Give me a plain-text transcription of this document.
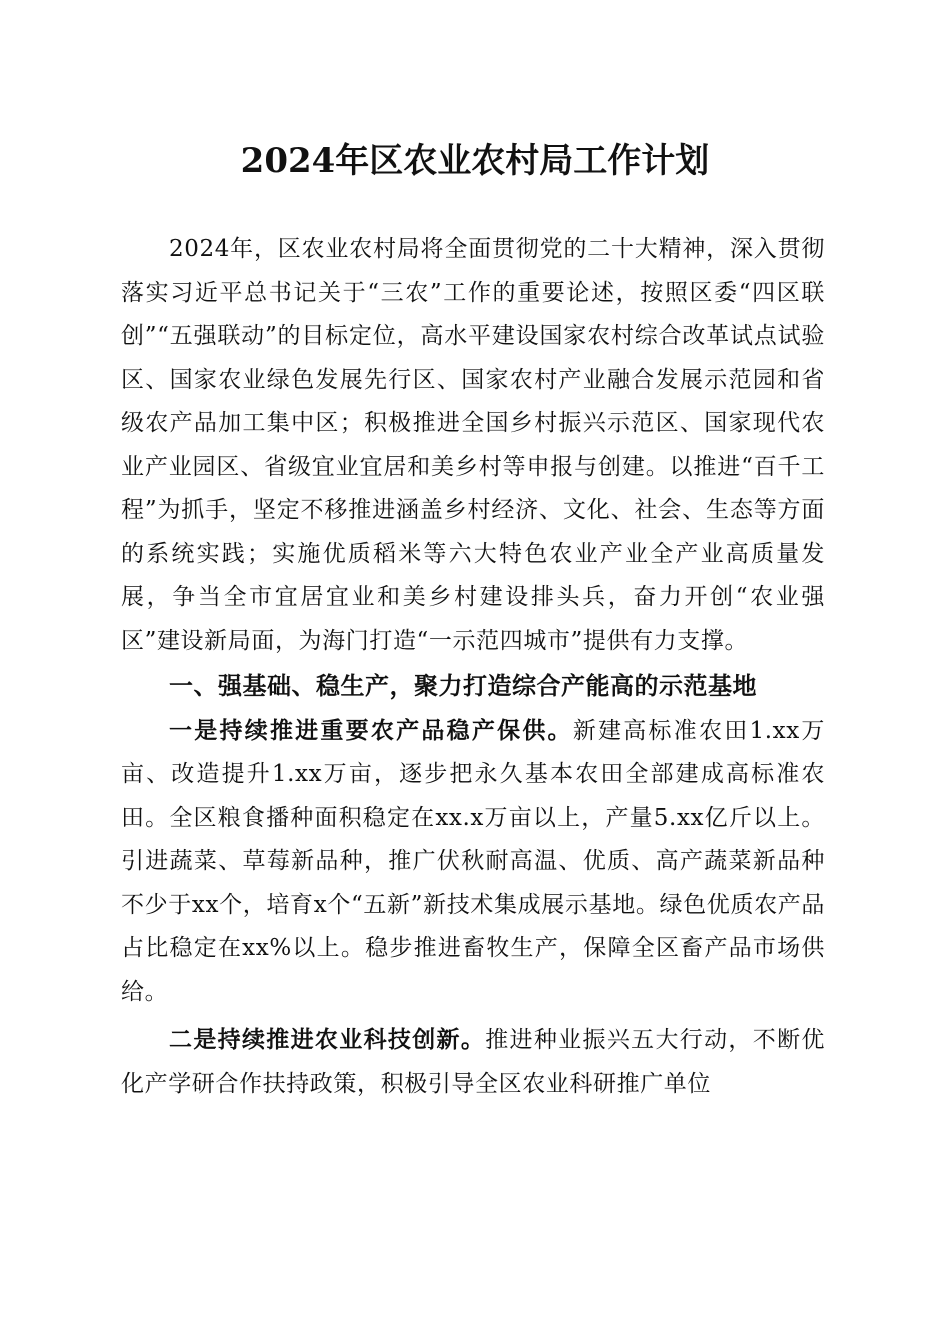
2024年区农业农村局工作计划

2024年，区农业农村局将全面贯彻党的二十大精神，深入贯彻落实习近平总书记关于“三农”工作的重要论述，按照区委“四区联创”“五强联动”的目标定位，高水平建设国家农村综合改革试点试验区、国家农业绿色发展先行区、国家农村产业融合发展示范园和省级农产品加工集中区；积极推进全国乡村振兴示范区、国家现代农业产业园区、省级宜业宜居和美乡村等申报与创建。以推进“百千工程”为抓手，坚定不移推进涵盖乡村经济、文化、社会、生态等方面的系统实践；实施优质稻米等六大特色农业产业全产业高质量发展，争当全市宜居宜业和美乡村建设排头兵，奋力开创“农业强区”建设新局面，为海门打造“一示范四城市”提供有力支撑。

一、强基础、稳生产，聚力打造综合产能高的示范基地

一是持续推进重要农产品稳产保供。新建高标准农田1.xx万亩、改造提升1.xx万亩，逐步把永久基本农田全部建成高标准农田。全区粮食播种面积稳定在xx.x万亩以上，产量5.xx亿斤以上。引进蔬菜、草莓新品种，推广伏秋耐高温、优质、高产蔬菜新品种不少于xx个，培育x个“五新”新技术集成展示基地。绿色优质农产品占比稳定在xx%以上。稳步推进畜牧生产，保障全区畜产品市场供给。

二是持续推进农业科技创新。推进种业振兴五大行动，不断优化产学研合作扶持政策，积极引导全区农业科研推广单位
